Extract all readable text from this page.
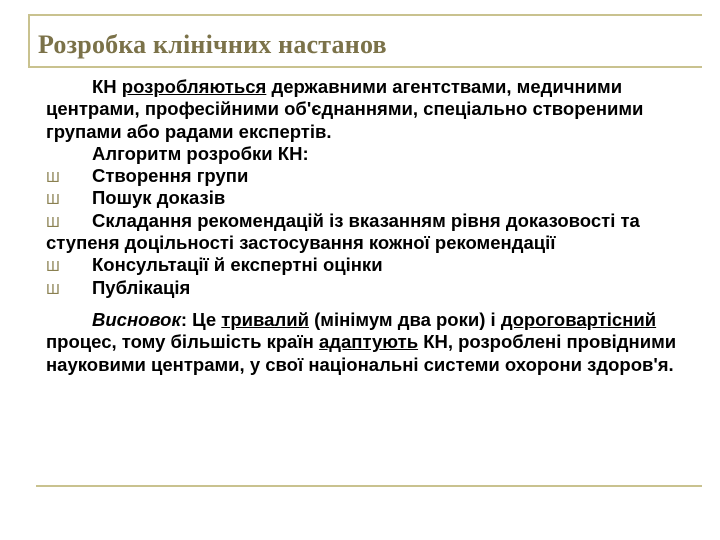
Розробка клінічних настанов

КН розробляються державними агентствами, медичними центрами, професійними об'єднаннями, спеціально створеними групами або радами експертів.

Алгоритм розробки КН:

Ш Створення групи

Ш Пошук доказів

Ш Складання рекомендацій із вказанням рівня доказовості та ступеня доцільності застосування кожної рекомендації

Ш Консультації й експертні оцінки

Ш Публікація

Висновок: Це тривалий (мінімум два роки) і дороговартісний процес, тому більшість країн адаптують КН, розроблені провідними науковими центрами, у свої національні системи охорони здоров'я.
